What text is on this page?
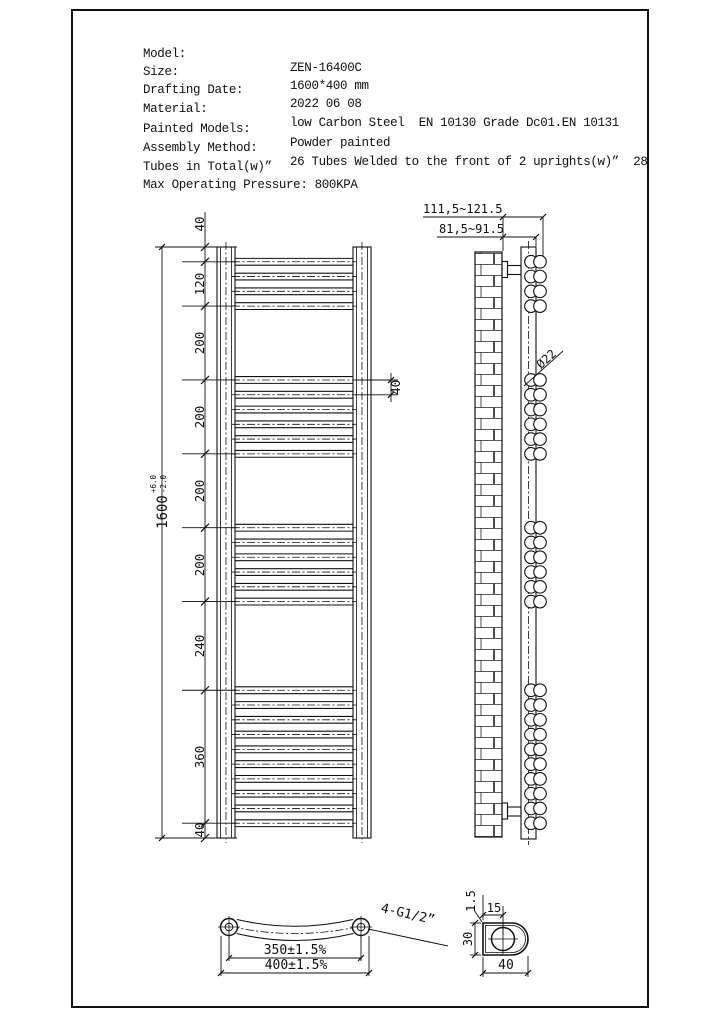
1600
+6.0 -2.0
40
120
200
200
200
200
240
360
40
40
111,5~121.5
81,5~91.5
Ø22
350±1.5%
400±1.5%
4-G1/2”	15
1.5
30
40

Model:

ZEN-16400C

Size:

1600*400 mm

Drafting Date:

2022 06 08

Material:

low Carbon Steel  EN 10130 Grade Dc01.EN 10131

Painted Models:

Powder painted

Assembly Method:

26 Tubes Welded to the front of 2 uprights(w)”  28

Tubes in Total(w)”

Max Operating Pressure: 800KPA
